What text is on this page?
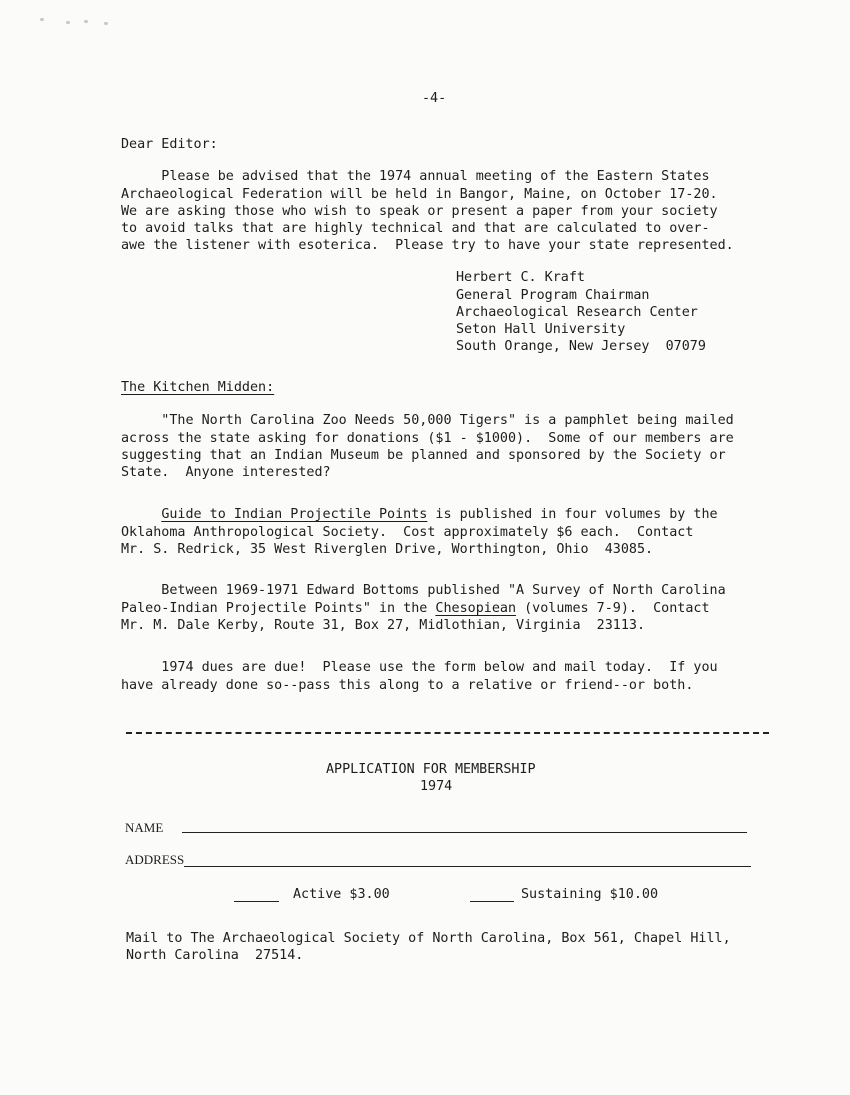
-4-
Dear Editor:
Please be advised that the 1974 annual meeting of the Eastern States
Archaeological Federation will be held in Bangor, Maine, on October 17-20.
We are asking those who wish to speak or present a paper from your society
to avoid talks that are highly technical and that are calculated to over-
awe the listener with esoterica.  Please try to have your state represented.
Herbert C. Kraft
General Program Chairman
Archaeological Research Center
Seton Hall University
South Orange, New Jersey  07079
The Kitchen Midden:
"The North Carolina Zoo Needs 50,000 Tigers" is a pamphlet being mailed
across the state asking for donations ($1 - $1000).  Some of our members are
suggesting that an Indian Museum be planned and sponsored by the Society or
State.  Anyone interested?
Guide to Indian Projectile Points is published in four volumes by the
Oklahoma Anthropological Society.  Cost approximately $6 each.  Contact
Mr. S. Redrick, 35 West Riverglen Drive, Worthington, Ohio  43085.
Between 1969-1971 Edward Bottoms published "A Survey of North Carolina
Paleo-Indian Projectile Points" in the Chesopiean (volumes 7-9).  Contact
Mr. M. Dale Kerby, Route 31, Box 27, Midlothian, Virginia  23113.
1974 dues are due!  Please use the form below and mail today.  If you
have already done so--pass this along to a relative or friend--or both.
APPLICATION FOR MEMBERSHIP
1974
NAME
ADDRESS
Active $3.00	Sustaining $10.00
Mail to The Archaeological Society of North Carolina, Box 561, Chapel Hill,
North Carolina  27514.
